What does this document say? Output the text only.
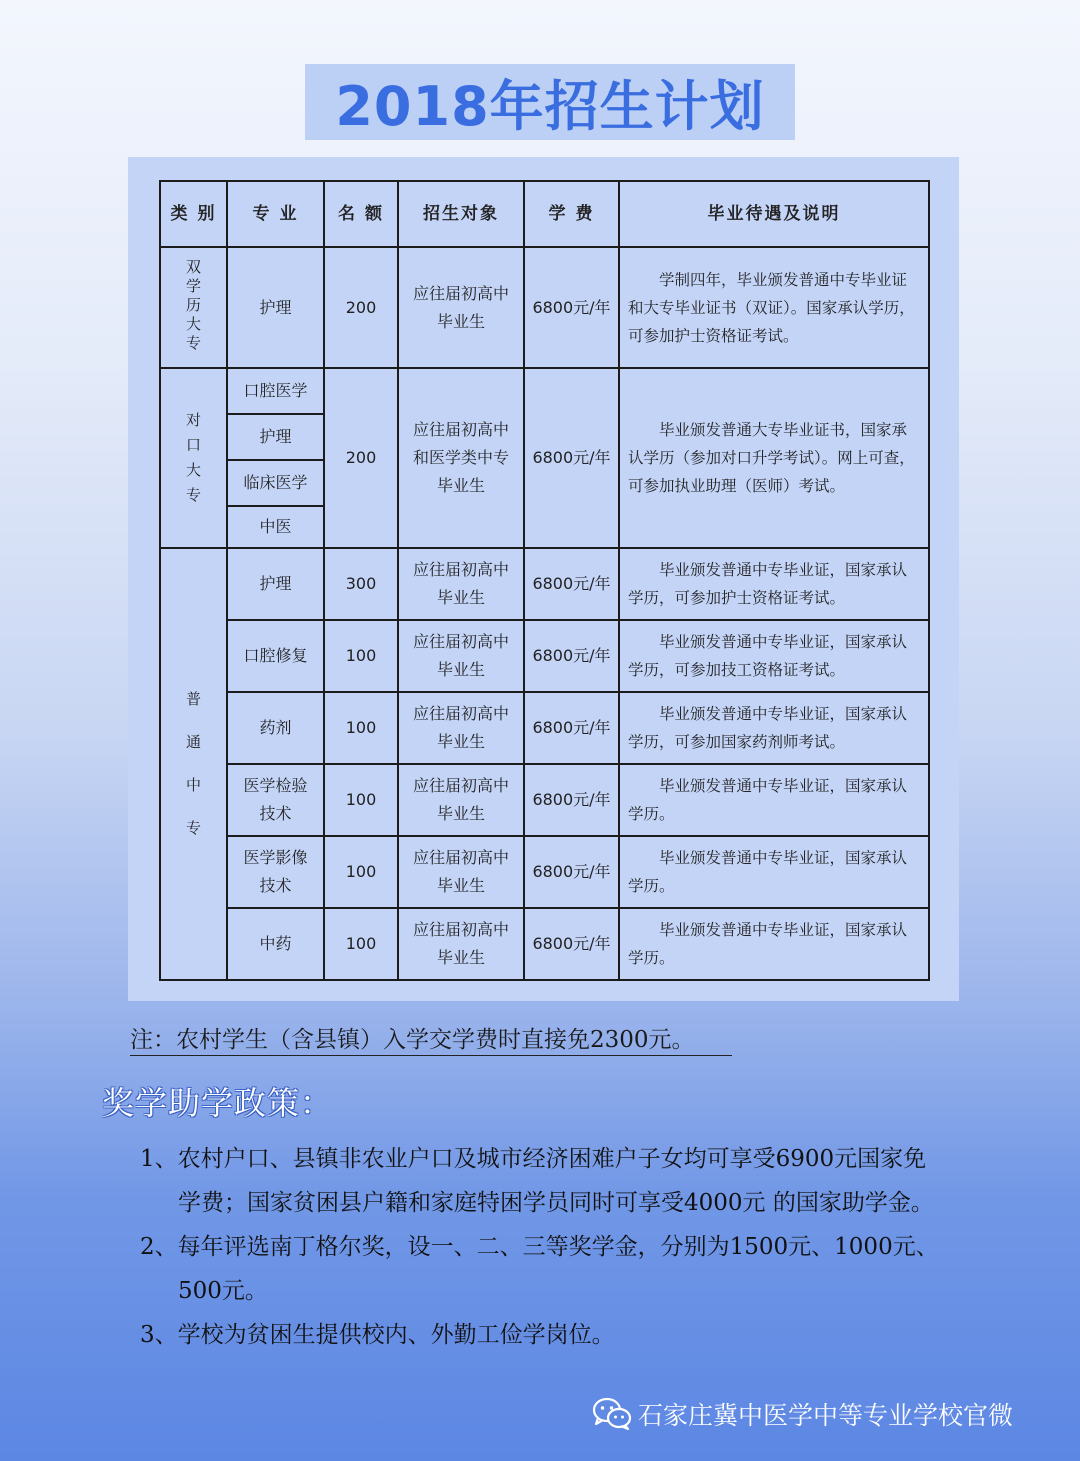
2018年招生计划
类 别	专 业	名 额	招生对象	学 费	毕业待遇及说明
双学历大专	护理	200	应往届初高中毕业生	6800元/年	学制四年，毕业颁发普通中专毕业证和大专毕业证书（双证）。国家承认学历，可参加护士资格证考试。

对口大专	口腔医学	200	应往届初高中和医学类中专毕业生	6800元/年	毕业颁发普通大专毕业证书，国家承认学历（参加对口升学考试）。网上可查，可参加执业助理（医师）考试。

	护理				
	临床医学				
	中医				
普通中专	护理	300	应往届初高中毕业生	6800元/年	毕业颁发普通中专毕业证，国家承认学历，可参加护士资格证考试。

	口腔修复	100	应往届初高中毕业生	6800元/年	毕业颁发普通中专毕业证，国家承认学历，可参加技工资格证考试。

	药剂	100	应往届初高中毕业生	6800元/年	毕业颁发普通中专毕业证，国家承认学历，可参加国家药剂师考试。

	医学检验技术	100	应往届初高中毕业生	6800元/年	毕业颁发普通中专毕业证，国家承认学历。

	医学影像技术	100	应往届初高中毕业生	6800元/年	毕业颁发普通中专毕业证，国家承认学历。

	中药	100	应往届初高中毕业生	6800元/年	毕业颁发普通中专毕业证，国家承认学历。
注：农村学生（含县镇）入学交学费时直接免2300元。
奖学助学政策：
1、农村户口、县镇非农业户口及城市经济困难户子女均可享受6900元国家免
学费；国家贫困县户籍和家庭特困学员同时可享受4000元 的国家助学金。
2、每年评选南丁格尔奖，设一、二、三等奖学金，分别为1500元、1000元、
500元。
3、学校为贫困生提供校内、外勤工俭学岗位。
石家庄冀中医学中等专业学校官微
